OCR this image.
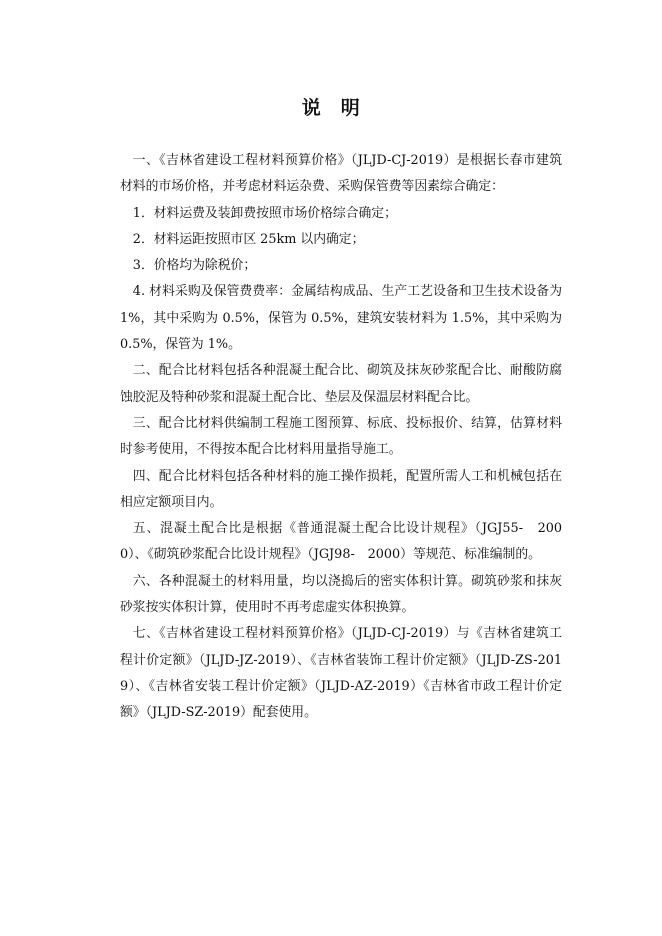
说　明

一、《吉林省建设工程材料预算价格》（JLJD-CJ-2019）是根据长春市建筑材料的市场价格，并考虑材料运杂费、采购保管费等因素综合确定：

1．材料运费及装卸费按照市场价格综合确定；

2．材料运距按照市区 25km 以内确定；

3．价格均为除税价；

4. 材料采购及保管费费率：金属结构成品、生产工艺设备和卫生技术设备为 1%，其中采购为 0.5%，保管为 0.5%，建筑安装材料为 1.5%，其中采购为 0.5%，保管为 1%。

二、配合比材料包括各种混凝土配合比、砌筑及抹灰砂浆配合比、耐酸防腐蚀胶泥及特种砂浆和混凝土配合比、垫层及保温层材料配合比。

三、配合比材料供编制工程施工图预算、标底、投标报价、结算，估算材料时参考使用，不得按本配合比材料用量指导施工。

四、配合比材料包括各种材料的施工操作损耗，配置所需人工和机械包括在相应定额项目内。

五、混凝土配合比是根据《普通混凝土配合比设计规程》（JGJ55-　2000）、《砌筑砂浆配合比设计规程》（JGJ98-　2000）等规范、标准编制的。

六、各种混凝土的材料用量，均以浇捣后的密实体积计算。砌筑砂浆和抹灰砂浆按实体积计算，使用时不再考虑虚实体积换算。

七、《吉林省建设工程材料预算价格》（JLJD-CJ-2019）与《吉林省建筑工程计价定额》（JLJD-JZ-2019）、《吉林省装饰工程计价定额》（JLJD-ZS-2019）、《吉林省安装工程计价定额》（JLJD-AZ-2019）《吉林省市政工程计价定额》（JLJD-SZ-2019）配套使用。
